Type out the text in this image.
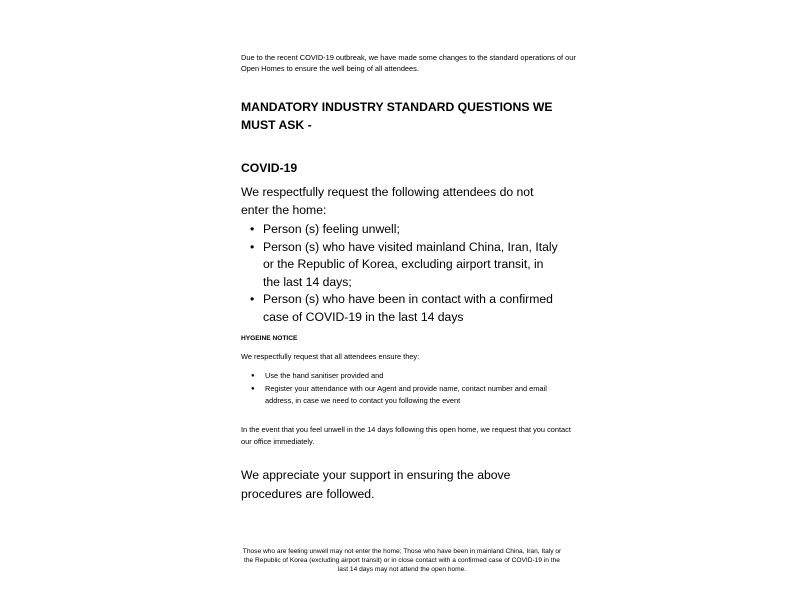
Due to the recent COVID-19 outbreak, we have made some changes to the standard operations of our Open Homes to ensure the well being of all attendees.

MANDATORY INDUSTRY STANDARD QUESTIONS WE MUST ASK -
COVID-19

We respectfully request the following attendees do not enter the home:

• Person (s) feeling unwell;
• Person (s) who have visited mainland China, Iran, Italy or the Republic of Korea, excluding airport transit, in the last 14 days;
• Person (s) who have been in contact with a confirmed case of COVID-19 in the last 14 days
HYGEINE NOTICE

We respectfully request that all attendees ensure they:

● Use the hand sanitiser provided and
● Register your attendance with our Agent and provide name, contact number and email address, in case we need to contact you following the event

In the event that you feel unwell in the 14 days following this open home, we request that you contact our office immediately.

We appreciate your support in ensuring the above procedures are followed.

Those who are feeling unwell may not enter the home; Those who have been in mainland China, Iran, Italy or the Republic of Korea (excluding airport transit) or in close contact with a confirmed case of COVID-19 in the last 14 days may not attend the open home.
